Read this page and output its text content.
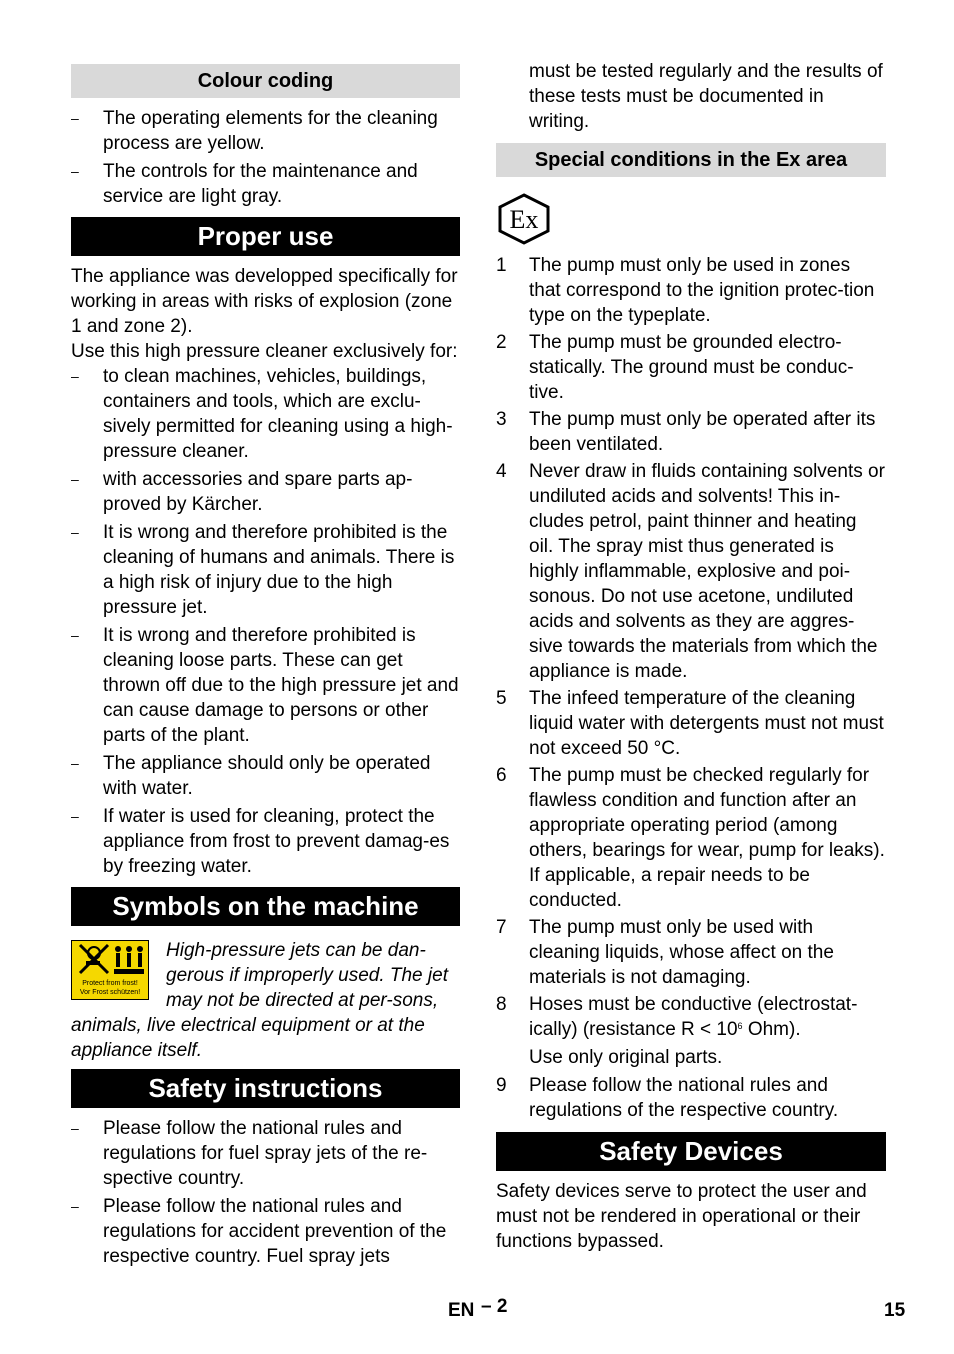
Colour coding

– The operating elements for the cleaning process are yellow.

– The controls for the maintenance and service are light gray.

Proper use

The appliance was developped specifically for working in areas with risks of explosion (zone 1 and zone 2).

Use this high pressure cleaner exclusively for:

– to clean machines, vehicles, buildings, containers and tools, which are exclu-sively permitted for cleaning using a high-pressure cleaner.

– with accessories and spare parts ap-proved by Kärcher.

– It is wrong and therefore prohibited is the cleaning of humans and animals. There is a high risk of injury due to the high pressure jet.

– It is wrong and therefore prohibited is cleaning loose parts. These can get thrown off due to the high pressure jet and can cause damage to persons or other parts of the plant.

– The appliance should only be operated with water.

– If water is used for cleaning, protect the appliance from frost to prevent damag-es by freezing water.

Symbols on the machine
Protect from frost!
Vor Frost schützen!

High-pressure jets can be dan-gerous if improperly used. The jet may not be directed at per-sons, animals, live electrical equipment or at the appliance itself.

Safety instructions

– Please follow the national rules and regulations for fuel spray jets of the re-spective country.

– Please follow the national rules and regulations for accident prevention of the respective country. Fuel spray jets

must be tested regularly and the results of these tests must be documented in writing.

Special conditions in the Ex area
Ex

1 The pump must only be used in zones that correspond to the ignition protec-tion type on the typeplate.

2 The pump must be grounded electro-statically. The ground must be conduc-tive.

3 The pump must only be operated after its been ventilated.

4 Never draw in fluids containing solvents or undiluted acids and solvents! This in-cludes petrol, paint thinner and heating oil. The spray mist thus generated is highly inflammable, explosive and poi-sonous. Do not use acetone, undiluted acids and solvents as they are aggres-sive towards the materials from which the appliance is made.

5 The infeed temperature of the cleaning liquid water with detergents must not must not exceed 50 °C.

6 The pump must be checked regularly for flawless condition and function after an appropriate operating period (among others, bearings for wear, pump for leaks). If applicable, a repair needs to be conducted.

7 The pump must only be used with cleaning liquids, whose affect on the materials is not damaging.

8 Hoses must be conductive (electrostat-ically) (resistance $R < 10^6$ Ohm).

Use only original parts.

9 Please follow the national rules and regulations of the respective country.

Safety Devices

Safety devices serve to protect the user and must not be rendered in operational or their functions bypassed.

EN – 2	15
